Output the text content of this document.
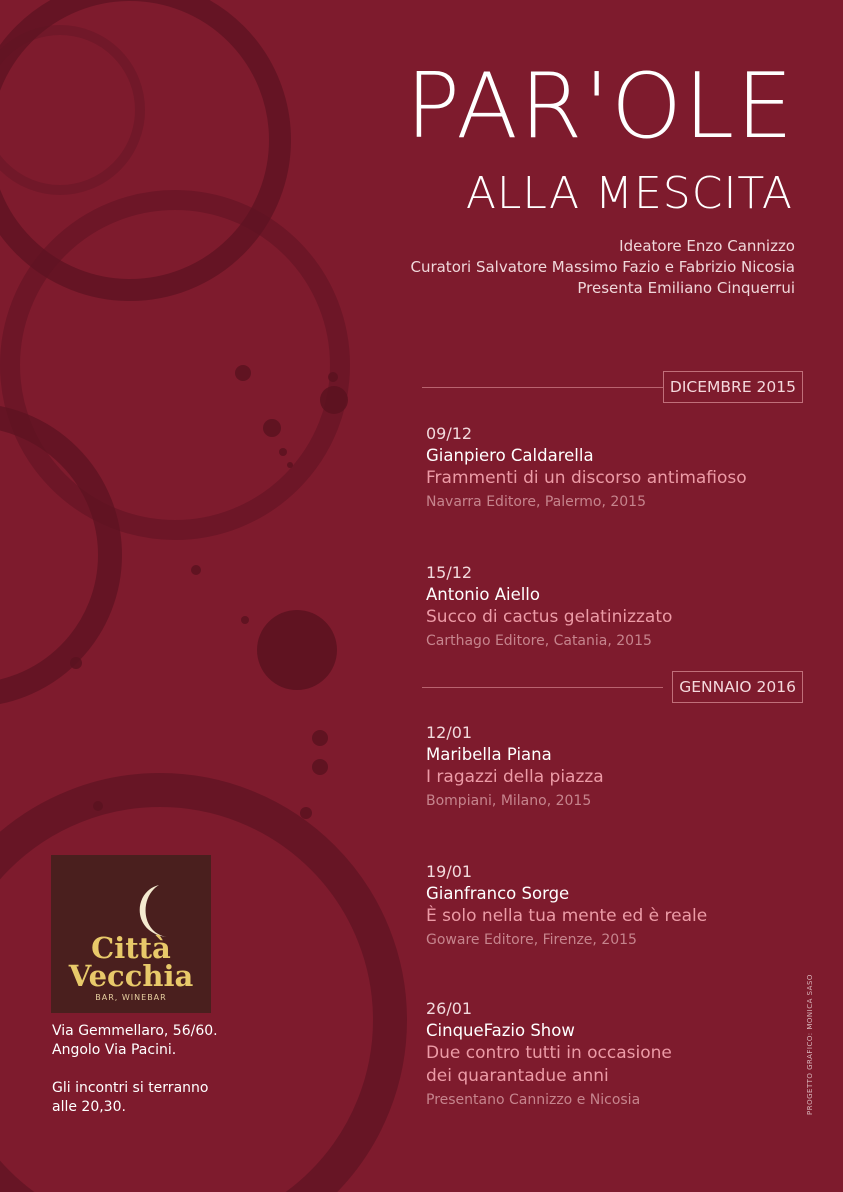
PAR'OLE
ALLA MESCITA
Ideatore Enzo Cannizzo
Curatori Salvatore Massimo Fazio e Fabrizio Nicosia
Presenta Emiliano Cinquerrui
DICEMBRE 2015
09/12
Gianpiero Caldarella
Frammenti di un discorso antimafioso
Navarra Editore, Palermo, 2015
15/12
Antonio Aiello
Succo di cactus gelatinizzato
Carthago Editore, Catania, 2015
GENNAIO 2016
12/01
Maribella Piana
I ragazzi della piazza
Bompiani, Milano, 2015
19/01
Gianfranco Sorge
È solo nella tua mente ed è reale
Goware Editore, Firenze, 2015
26/01
CinqueFazio Show
Due contro tutti in occasione
dei quarantadue anni
Presentano Cannizzo e Nicosia
Città
Vecchia
BAR, WINEBAR

Via Gemmellaro, 56/60.

Angolo Via Pacini.

Gli incontri si terranno

alle 20,30.	PROGETTO GRAFICO: MONICA SASO
